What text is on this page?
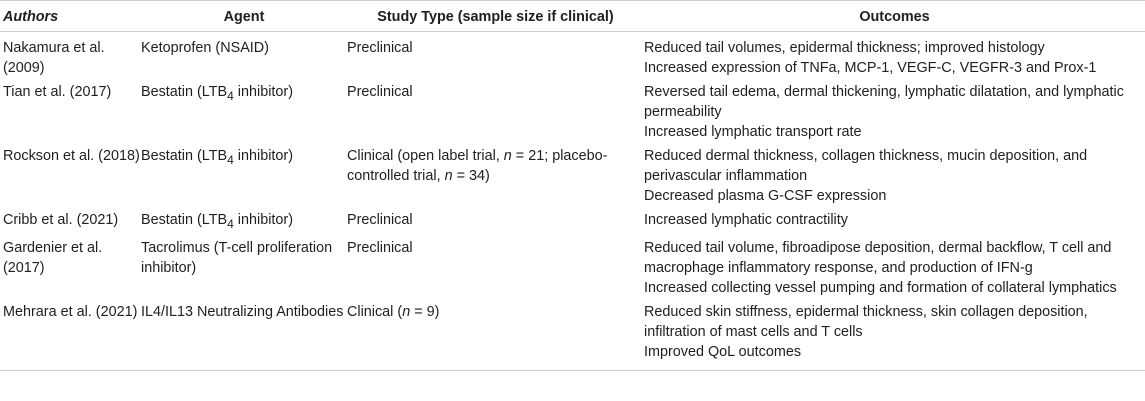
Authors	Agent	Study Type (sample size if clinical)	Outcomes
Nakamura et al. (2009)	Ketoprofen (NSAID)	Preclinical	Reduced tail volumes, epidermal thickness; improved histology
Increased expression of TNFa, MCP-1, VEGF-C, VEGFR-3 and Prox-1

Tian et al. (2017)	Bestatin ($LTB_4$ inhibitor)	Preclinical	Reversed tail edema, dermal thickening, lymphatic dilatation, and lymphatic permeability
Increased lymphatic transport rate

Rockson et al. (2018)	Bestatin ($LTB_4$ inhibitor)	Clinical (open label trial, n = 21; placebo-controlled trial, n = 34)	Reduced dermal thickness, collagen thickness, mucin deposition, and perivascular inflammation
Decreased plasma G-CSF expression

Cribb et al. (2021)	Bestatin ($LTB_4$ inhibitor)	Preclinical	Increased lymphatic contractility

Gardenier et al. (2017)	Tacrolimus (T-cell proliferation inhibitor)	Preclinical	Reduced tail volume, fibroadipose deposition, dermal backflow, T cell and macrophage inflammatory response, and production of IFN-g
Increased collecting vessel pumping and formation of collateral lymphatics

Mehrara et al. (2021)	IL4/IL13 Neutralizing Antibodies	Clinical (n = 9)	Reduced skin stiffness, epidermal thickness, skin collagen deposition, infiltration of mast cells and T cells
Improved QoL outcomes
